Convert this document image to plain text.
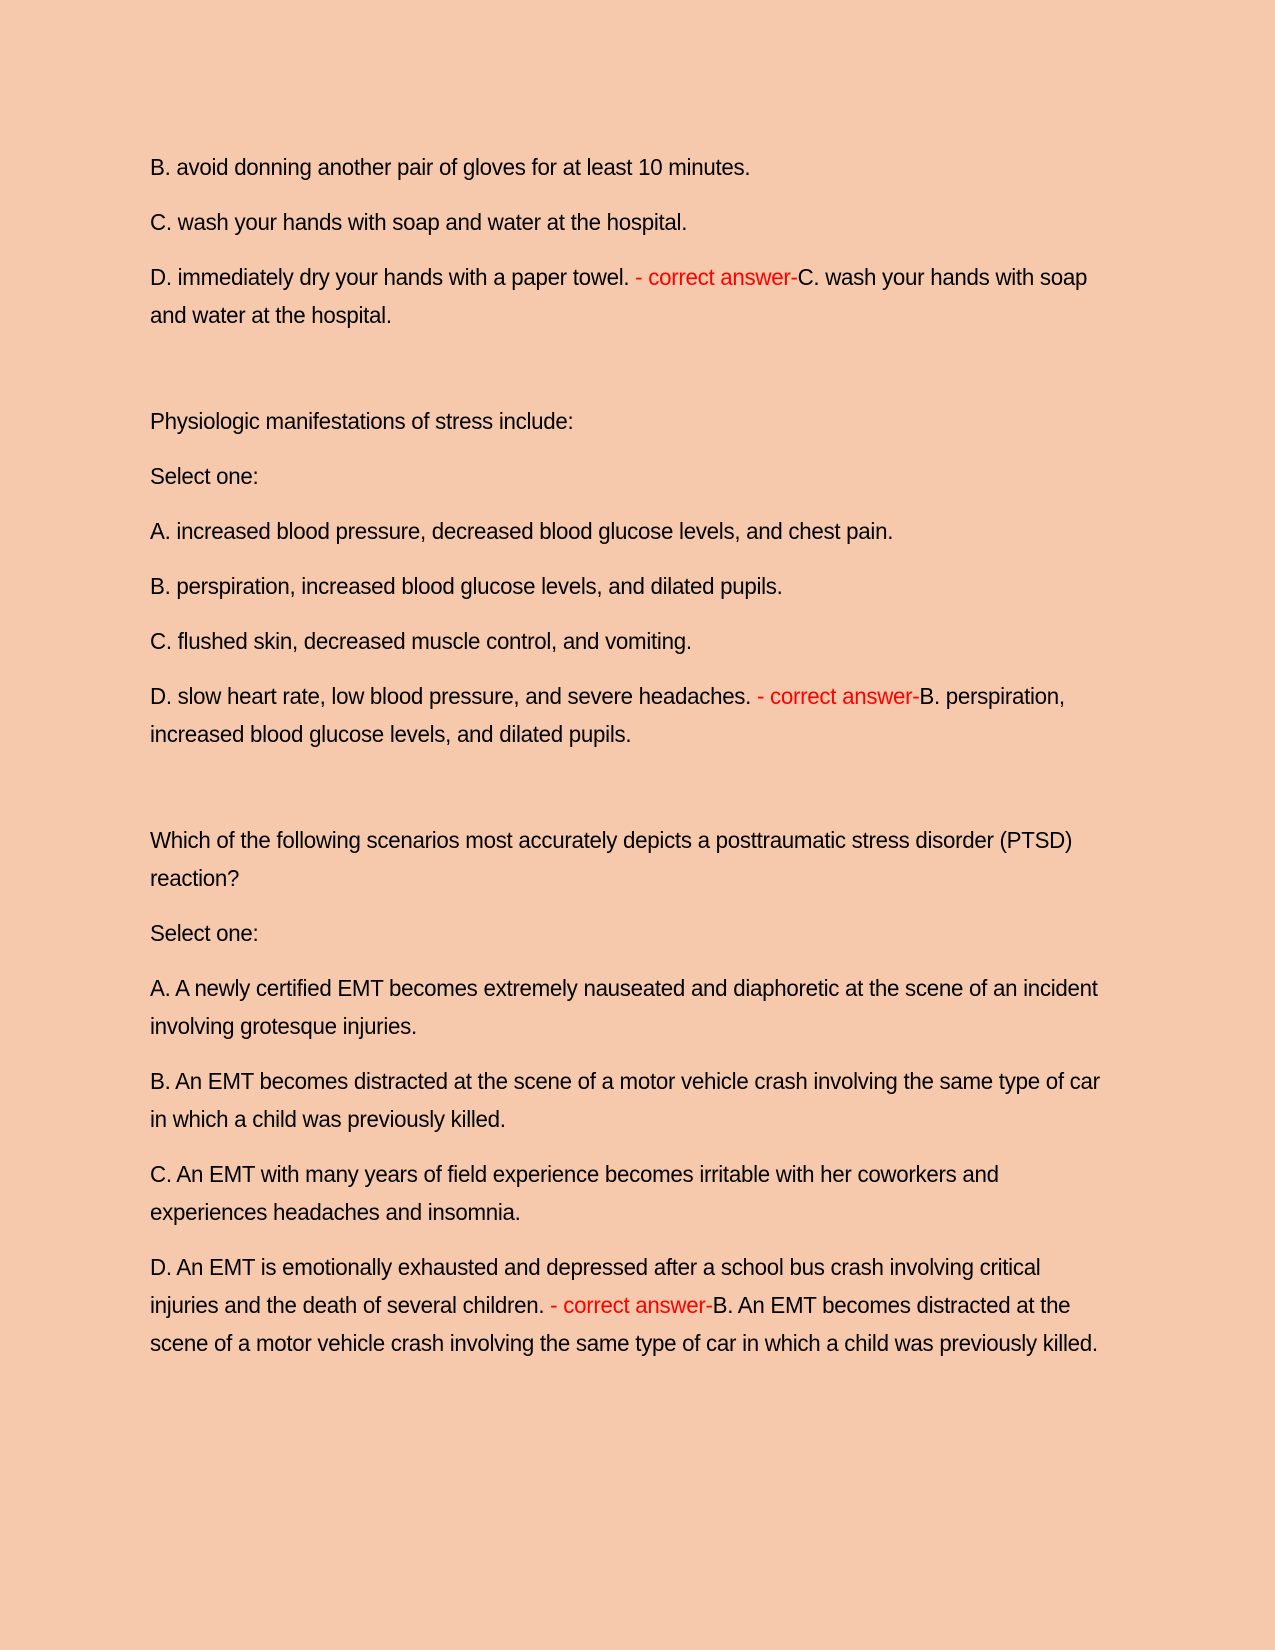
B. avoid donning another pair of gloves for at least 10 minutes.

C. wash your hands with soap and water at the hospital.

D. immediately dry your hands with a paper towel. - correct answer-C. wash your hands with soap and water at the hospital.

Physiologic manifestations of stress include:

Select one:

A. increased blood pressure, decreased blood glucose levels, and chest pain.

B. perspiration, increased blood glucose levels, and dilated pupils.

C. flushed skin, decreased muscle control, and vomiting.

D. slow heart rate, low blood pressure, and severe headaches. - correct answer-B. perspiration, increased blood glucose levels, and dilated pupils.

Which of the following scenarios most accurately depicts a posttraumatic stress disorder (PTSD) reaction?

Select one:

A. A newly certified EMT becomes extremely nauseated and diaphoretic at the scene of an incident involving grotesque injuries.

B. An EMT becomes distracted at the scene of a motor vehicle crash involving the same type of car in which a child was previously killed.

C. An EMT with many years of field experience becomes irritable with her coworkers and experiences headaches and insomnia.

D. An EMT is emotionally exhausted and depressed after a school bus crash involving critical injuries and the death of several children. - correct answer-B. An EMT becomes distracted at the scene of a motor vehicle crash involving the same type of car in which a child was previously killed.
